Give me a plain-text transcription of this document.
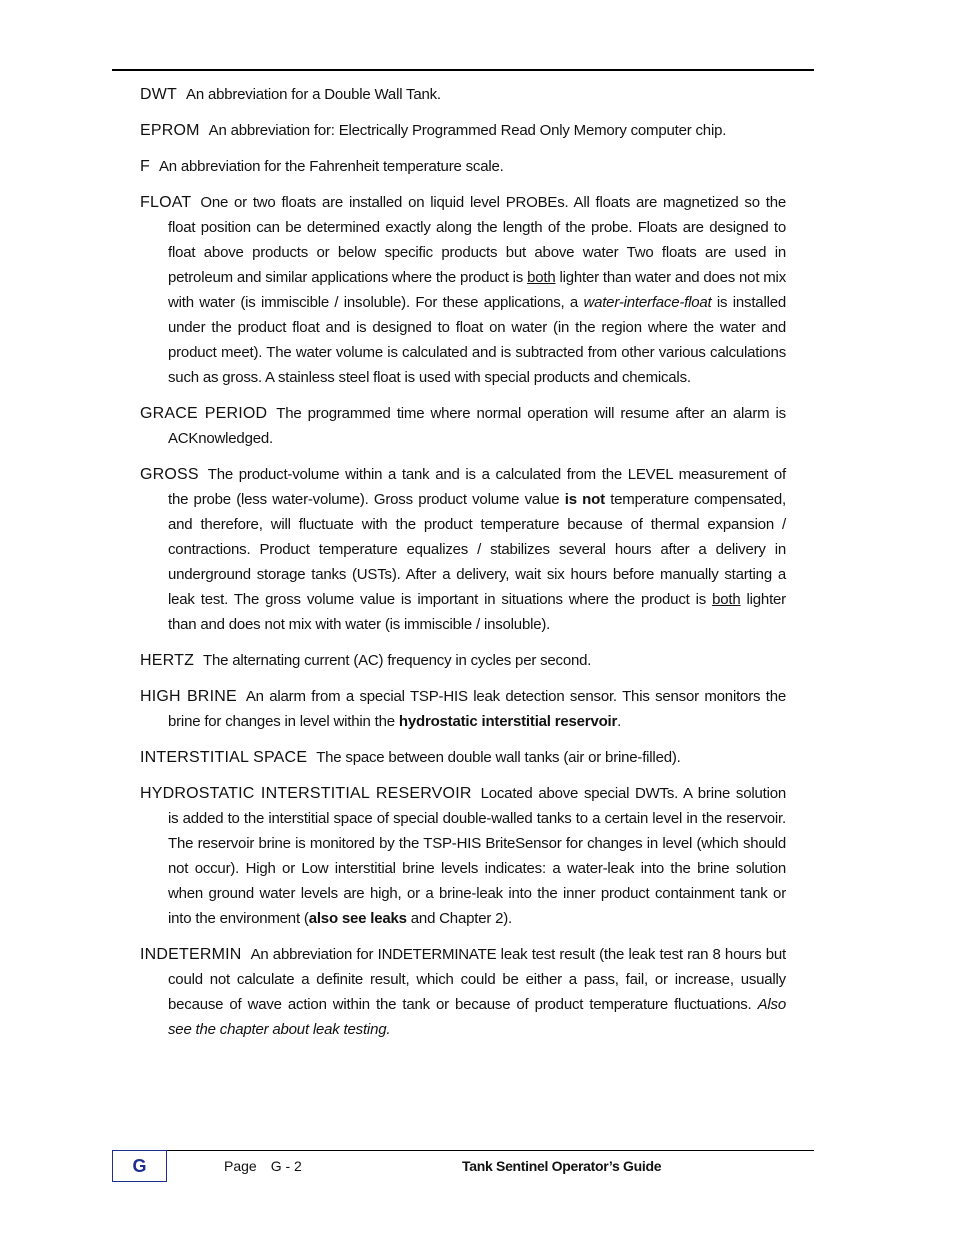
DWT An abbreviation for a Double Wall Tank.

EPROM An abbreviation for: Electrically Programmed Read Only Memory computer chip.

F An abbreviation for the Fahrenheit temperature scale.

FLOAT One or two floats are installed on liquid level PROBEs. All floats are magnetized so the float position can be determined exactly along the length of the probe. Floats are designed to float above products or below specific products but above water Two floats are used in petroleum and similar applications where the product is both lighter than water and does not mix with water (is immiscible / insoluble). For these applications, a water-interface-float is installed under the product float and is designed to float on water (in the region where the water and product meet). The water volume is calculated and is subtracted from other various calculations such as gross. A stainless steel float is used with special products and chemicals.

GRACE PERIOD The programmed time where normal operation will resume after an alarm is ACKnowledged.

GROSS The product-volume within a tank and is a calculated from the LEVEL measurement of the probe (less water-volume). Gross product volume value is not temperature compensated, and therefore, will fluctuate with the product temperature because of thermal expansion / contractions. Product temperature equalizes / stabilizes several hours after a delivery in underground storage tanks (USTs). After a delivery, wait six hours before manually starting a leak test. The gross volume value is important in situations where the product is both lighter than and does not mix with water (is immiscible / insoluble).

HERTZ The alternating current (AC) frequency in cycles per second.

HIGH BRINE An alarm from a special TSP-HIS leak detection sensor. This sensor monitors the brine for changes in level within the hydrostatic interstitial reservoir.

INTERSTITIAL SPACE The space between double wall tanks (air or brine-filled).

HYDROSTATIC INTERSTITIAL RESERVOIR Located above special DWTs. A brine solution is added to the interstitial space of special double-walled tanks to a certain level in the reservoir. The reservoir brine is monitored by the TSP-HIS BriteSensor for changes in level (which should not occur). High or Low interstitial brine levels indicates: a water-leak into the brine solution when ground water levels are high, or a brine-leak into the inner product containment tank or into the environment (also see leaks and Chapter 2).

INDETERMIN An abbreviation for INDETERMINATE leak test result (the leak test ran 8 hours but could not calculate a definite result, which could be either a pass, fail, or increase, usually because of wave action within the tank or because of product temperature fluctuations. Also see the chapter about leak testing.

G	Page G - 2	Tank Sentinel Operator’s Guide
